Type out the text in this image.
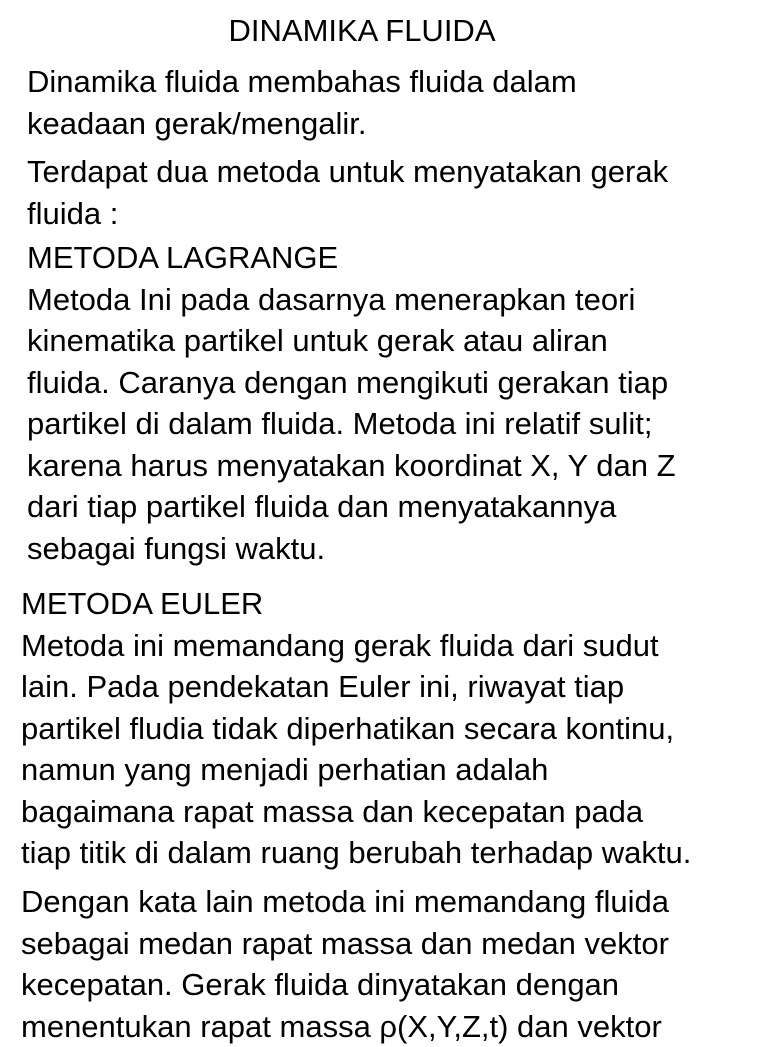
DINAMIKA FLUIDA
Dinamika fluida membahas fluida dalam
keadaan gerak/mengalir.
Terdapat dua metoda untuk menyatakan gerak
fluida :
METODA LAGRANGE
Metoda Ini pada dasarnya menerapkan teori
kinematika partikel untuk gerak atau aliran
fluida. Caranya dengan mengikuti gerakan tiap
partikel di dalam fluida. Metoda ini relatif sulit;
karena harus menyatakan koordinat X, Y dan Z
dari tiap partikel fluida dan menyatakannya
sebagai fungsi waktu.
METODA EULER
Metoda ini memandang gerak fluida dari sudut
lain. Pada pendekatan Euler ini, riwayat tiap
partikel fludia tidak diperhatikan secara kontinu,
namun yang menjadi perhatian adalah
bagaimana rapat massa dan kecepatan pada
tiap titik di dalam ruang berubah terhadap waktu.
Dengan kata lain metoda ini memandang fluida
sebagai medan rapat massa dan medan vektor
kecepatan. Gerak fluida dinyatakan dengan
menentukan rapat massa ρ(X,Y,Z,t) dan vektor
